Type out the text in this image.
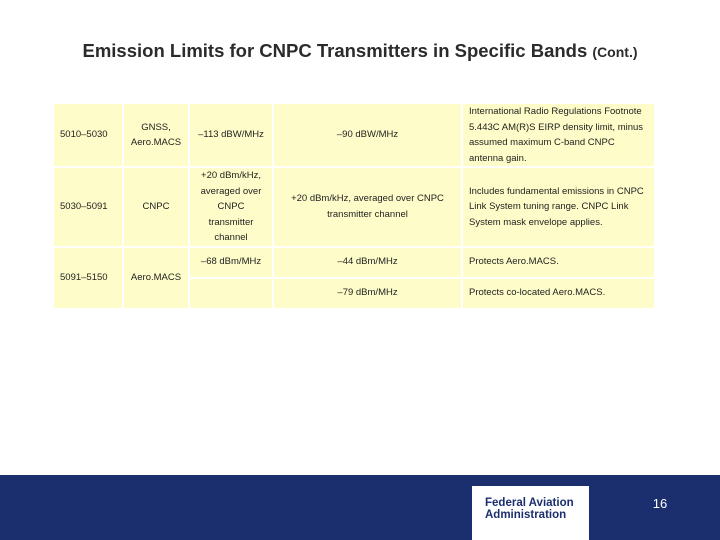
Emission Limits for CNPC Transmitters in Specific Bands (Cont.)
5010–5030	GNSS, Aero.MACS	–113 dBW/MHz	–90 dBW/MHz	International Radio Regulations Footnote 5.443C AM(R)S EIRP density limit, minus assumed maximum C-band CNPC antenna gain.
5030–5091	CNPC	+20 dBm/kHz, averaged over CNPC transmitter channel	+20 dBm/kHz, averaged over CNPC transmitter channel	Includes fundamental emissions in CNPC Link System tuning range. CNPC Link System mask envelope applies.
5091–5150	Aero.MACS	–68 dBm/MHz	–44 dBm/MHz	Protects Aero.MACS.
			–79 dBm/MHz	Protects co-located Aero.MACS.
Federal Aviation
Administration
16
